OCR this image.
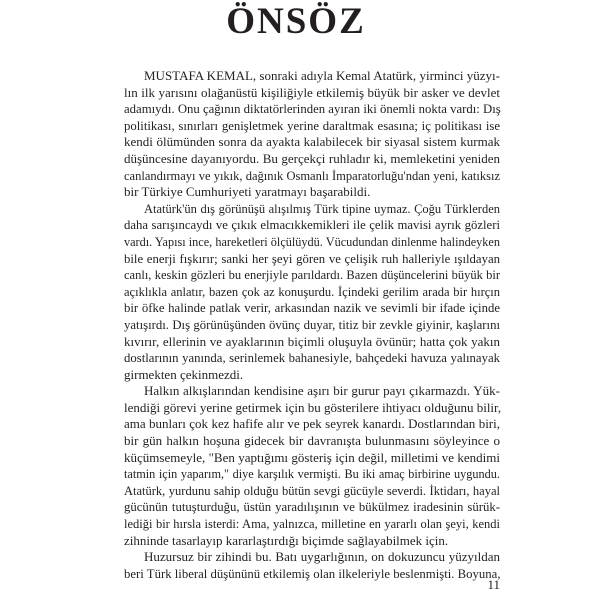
ÖNSÖZ

MUSTAFA KEMAL, sonraki adıyla Kemal Atatürk, yirminci yüzyı-
lın ilk yarısını olağanüstü kişiliğiyle etkilemiş büyük bir asker ve devlet
adamıydı. Onu çağının diktatörlerinden ayıran iki önemli nokta vardı: Dış
politikası, sınırları genişletmek yerine daraltmak esasına; iç politikası ise
kendi ölümünden sonra da ayakta kalabilecek bir siyasal sistem kurmak
düşüncesine dayanıyordu. Bu gerçekçi ruhladır ki, memleketini yeniden
canlandırmayı ve yıkık, dağınık Osmanlı İmparatorluğu'ndan yeni, katıksız
bir Türkiye Cumhuriyeti yaratmayı başarabildi.

Atatürk'ün dış görünüşü alışılmış Türk tipine uymaz. Çoğu Türklerden
daha sarışıncaydı ve çıkık elmacıkkemikleri ile çelik mavisi ayrık gözleri
vardı. Yapısı ince, hareketleri ölçülüydü. Vücudundan dinlenme halindeyken
bile enerji fışkırır; sanki her şeyi gören ve çelişik ruh halleriyle ışıldayan
canlı, keskin gözleri bu enerjiyle parıldardı. Bazen düşüncelerini büyük bir
açıklıkla anlatır, bazen çok az konuşurdu. İçindeki gerilim arada bir hırçın
bir öfke halinde patlak verir, arkasından nazik ve sevimli bir ifade içinde
yatışırdı. Dış görünüşünden övünç duyar, titiz bir zevkle giyinir, kaşlarını
kıvırır, ellerinin ve ayaklarının biçimli oluşuyla övünür; hatta çok yakın
dostlarının yanında, serinlemek bahanesiyle, bahçedeki havuza yalınayak
girmekten çekinmezdi.

Halkın alkışlarından kendisine aşırı bir gurur payı çıkarmazdı. Yük-
lendiği görevi yerine getirmek için bu gösterilere ihtiyacı olduğunu bilir,
ama bunları çok kez hafife alır ve pek seyrek kanardı. Dostlarından biri,
bir gün halkın hoşuna gidecek bir davranışta bulunmasını söyleyince o
küçümsemeyle, "Ben yaptığımı gösteriş için değil, milletimi ve kendimi
tatmin için yaparım," diye karşılık vermişti. Bu iki amaç birbirine uygundu.
Atatürk, yurdunu sahip olduğu bütün sevgi gücüyle severdi. İktidarı, hayal
gücünün tutuşturduğu, üstün yaradılışının ve bükülmez iradesinin sürük-
lediği bir hırsla isterdi: Ama, yalnızca, milletine en yararlı olan şeyi, kendi
zihninde tasarlayıp kararlaştırdığı biçimde sağlayabilmek için.

Huzursuz bir zihindi bu. Batı uygarlığının, on dokuzuncu yüzyıldan
beri Türk liberal düşününü etkilemiş olan ilkeleriyle beslenmişti. Boyuna,

11
